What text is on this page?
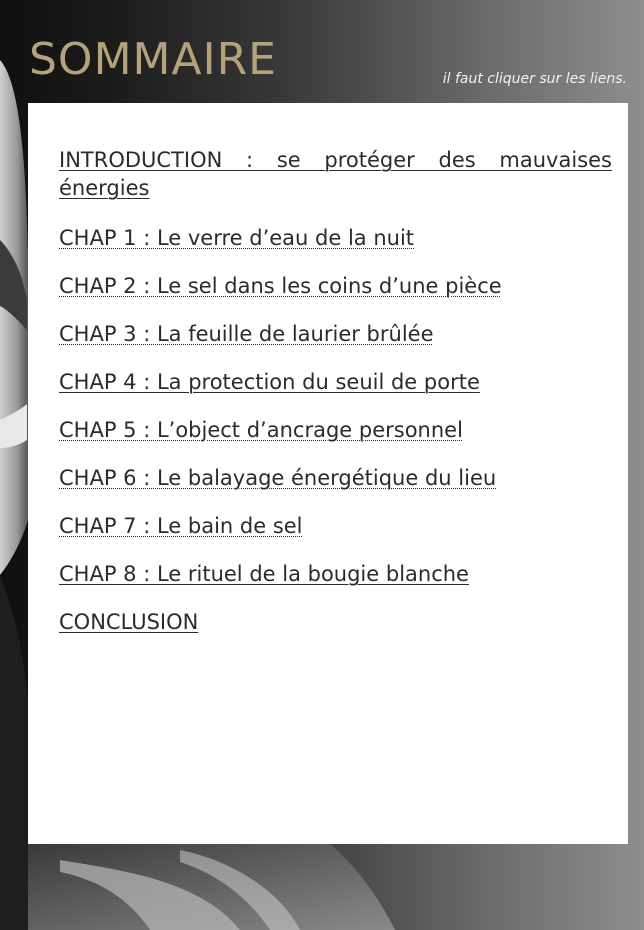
SOMMAIRE	il faut cliquer sur les liens.
INTRODUCTION : se protéger des mauvaises énergies
CHAP 1 : Le verre d’eau de la nuit
CHAP 2 : Le sel dans les coins d’une pièce
CHAP 3 : La feuille de laurier brûlée
CHAP 4 : La protection du seuil de porte
CHAP 5 : L’object d’ancrage personnel
CHAP 6 : Le balayage énergétique du lieu
CHAP 7 : Le bain de sel
CHAP 8 : Le rituel de la bougie blanche
CONCLUSION
